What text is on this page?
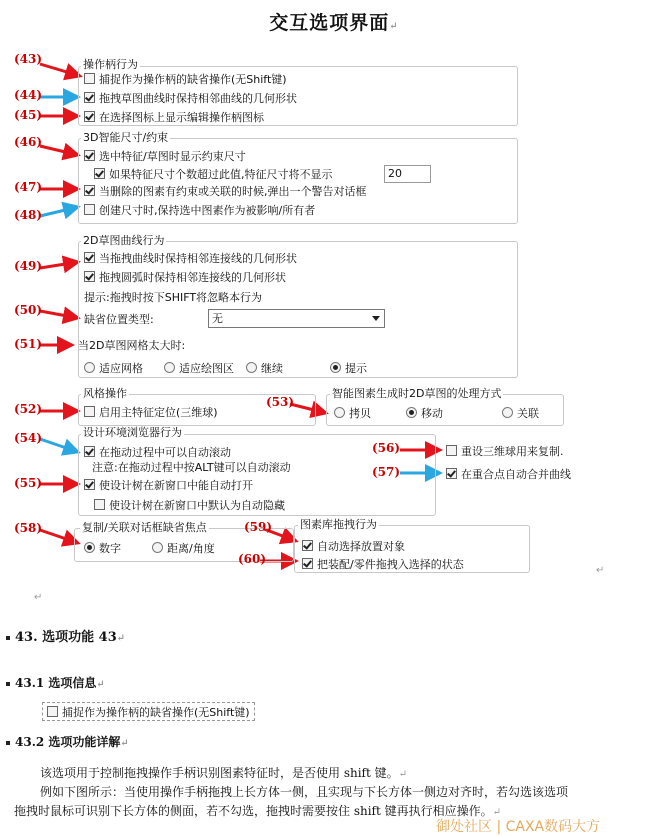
交互选项界面↵
操作柄行为
(43)
(44)
(45)
捕捉作为操作柄的缺省操作(无Shift键)
拖拽草图曲线时保持相邻曲线的几何形状
在选择图标上显示编辑操作柄图标
3D智能尺寸/约束
(46)
(47)
(48)
选中特征/草图时显示约束尺寸
如果特征尺寸个数超过此值,特征尺寸将不显示	20
当删除的图素有约束或关联的时候,弹出一个警告对话框
创建尺寸时,保持选中图素作为被影响/所有者
2D草图曲线行为
(49)
当拖拽曲线时保持相邻连接线的几何形状
拖拽圆弧时保持相邻连接线的几何形状
提示:拖拽时按下SHIFT将忽略本行为
(50)
缺省位置类型:	无
(51)	当2D草图网格太大时:
适应网格	适应绘图区 继续	提示
风格操作
(52)	启用主特征定位(三维球)
智能图素生成时2D草图的处理方式
(53)
拷贝	移动	关联
设计环境浏览器行为
(54)
(55)
在拖动过程中可以自动滚动
注意:在拖动过程中按ALT键可以自动滚动
使设计树在新窗口中能自动打开
使设计树在新窗口中默认为自动隐藏
(56)
(57)
重设三维球用来复制.
在重合点自动合并曲线
复制/关联对话框缺省焦点
(58)
数字	距离/角度
图素库拖拽行为
(59)
(60)
自动选择放置对象
把装配/零件拖拽入选择的状态	↵
↵
43. 选项功能 43↵
43.1 选项信息↵
捕捉作为操作柄的缺省操作(无Shift键)
43.2 选项功能详解↵
该选项用于控制拖拽操作手柄识别图素特征时，是否使用 shift 键。↵
例如下图所示：当使用操作手柄拖拽上长方体一侧，且实现与下长方体一侧边对齐时，若勾选该选项
拖拽时鼠标可识别下长方体的侧面，若不勾选，拖拽时需要按住 shift 键再执行相应操作。↵
御处社区 | CAXA数码大方
